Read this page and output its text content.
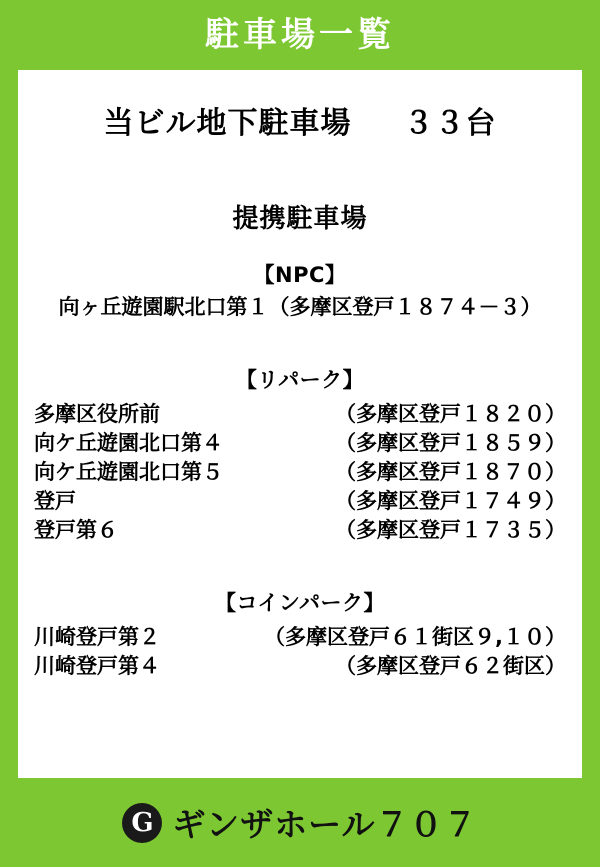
駐車場一覧
当ビル地下駐車場 ３３台
提携駐車場
【NPC】
向ヶ丘遊園駅北口第１ （多摩区登戸１８７４－３）
【リパーク】
多摩区役所前	（多摩区登戸１８２０）
向ケ丘遊園北口第４	（多摩区登戸１８５９）
向ケ丘遊園北口第５	（多摩区登戸１８７０）
登戸	（多摩区登戸１７４９）
登戸第６	（多摩区登戸１７３５）
【コインパーク】
川崎登戸第２	（多摩区登戸６１街区９,１０）
川崎登戸第４	（多摩区登戸６２街区）
G ギンザホール７０７
